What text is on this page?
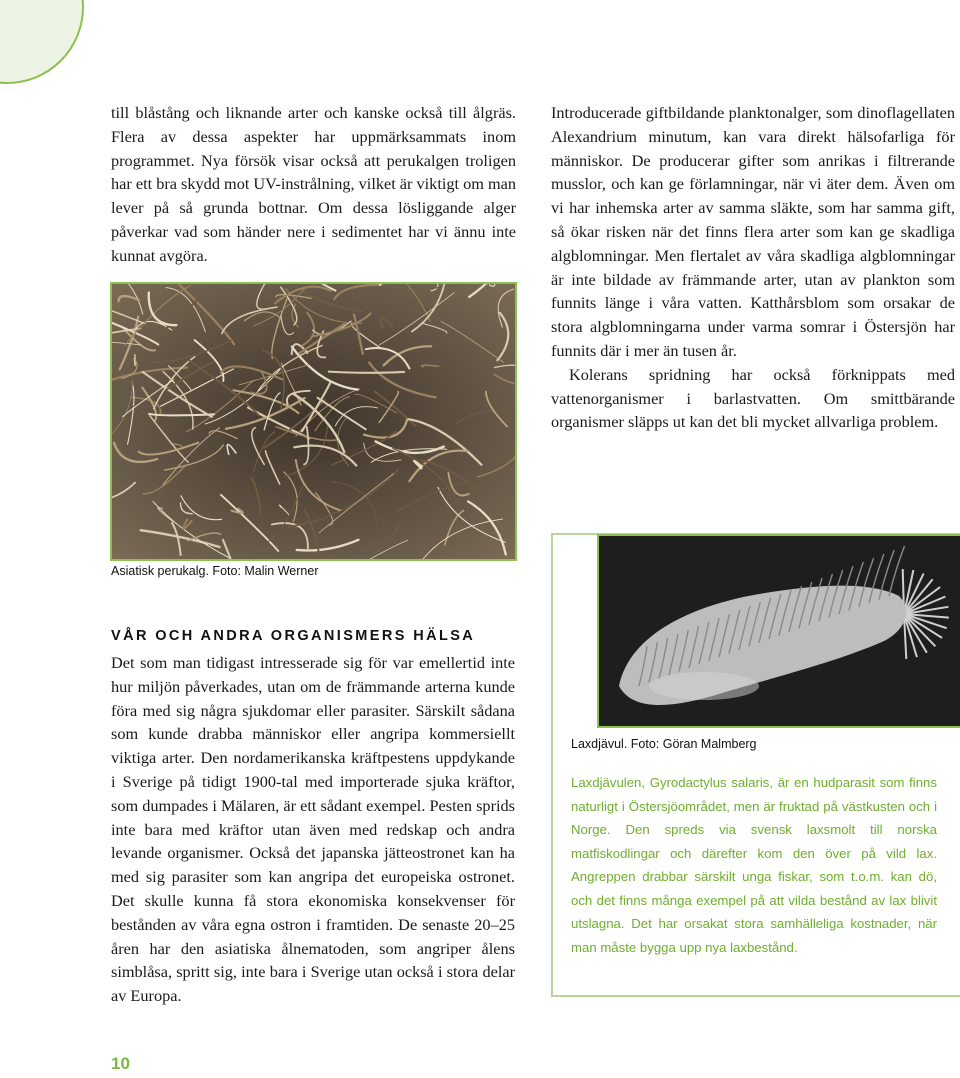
till blåstång och liknande arter och kanske också till ålgräs. Flera av dessa aspekter har uppmärksammats inom programmet. Nya försök visar också att perukalgen troligen har ett bra skydd mot UV-instrålning, vilket är viktigt om man lever på så grunda bottnar. Om dessa lösliggande alger påverkar vad som händer nere i sedimentet har vi ännu inte kunnat avgöra.

Introducerade giftbildande planktonalger, som dinoflagellaten Alexandrium minutum, kan vara direkt hälsofarliga för människor. De producerar gifter som anrikas i filtrerande musslor, och kan ge förlamningar, när vi äter dem. Även om vi har inhemska arter av samma släkte, som har samma gift, så ökar risken när det finns flera arter som kan ge skadliga algblomningar. Men flertalet av våra skadliga algblomningar är inte bildade av främmande arter, utan av plankton som funnits länge i våra vatten. Katthårsblom som orsakar de stora algblomningarna under varma somrar i Östersjön har funnits där i mer än tusen år.

Kolerans spridning har också förknippats med vattenorganismer i barlastvatten. Om smittbärande organismer släpps ut kan det bli mycket allvarliga problem.

Asiatisk perukalg. Foto: Malin Werner
VÅR OCH ANDRA ORGANISMERS HÄLSA

Det som man tidigast intresserade sig för var emellertid inte hur miljön påverkades, utan om de främmande arterna kunde föra med sig några sjukdomar eller parasiter. Särskilt sådana som kunde drabba människor eller angripa kommersiellt viktiga arter. Den nordamerikanska kräftpestens uppdykande i Sverige på tidigt 1900-tal med importerade sjuka kräftor, som dumpades i Mälaren, är ett sådant exempel. Pesten sprids inte bara med kräftor utan även med redskap och andra levande organismer. Också det japanska jätteostronet kan ha med sig parasiter som kan angripa det europeiska ostronet. Det skulle kunna få stora ekonomiska konsekvenser för bestånden av våra egna ostron i framtiden. De senaste 20–25 åren har den asiatiska ålnematoden, som angriper ålens simblåsa, spritt sig, inte bara i Sverige utan också i stora delar av Europa.

Laxdjävul. Foto: Göran Malmberg
Laxdjävulen, Gyrodactylus salaris, är en hudparasit som finns naturligt i Östersjöområdet, men är fruktad på västkusten och i Norge. Den spreds via svensk laxsmolt till norska matfiskodlingar och därefter kom den över på vild lax. Angreppen drabbar särskilt unga fiskar, som t.o.m. kan dö, och det finns många exempel på att vilda bestånd av lax blivit utslagna. Det har orsakat stora samhälleliga kostnader, när man måste bygga upp nya laxbestånd.
10
